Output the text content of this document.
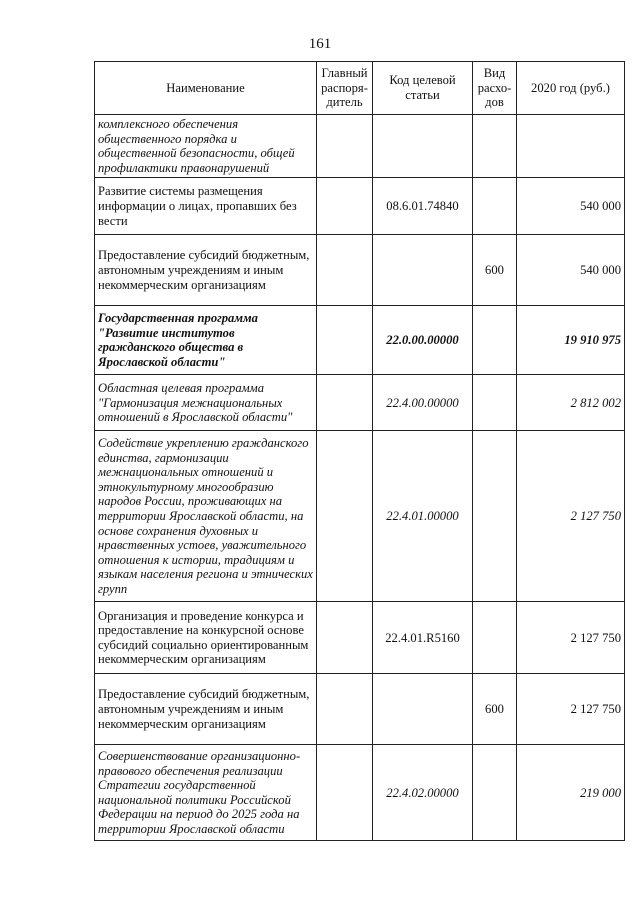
161
Наименование	Главный распоря-дитель	Код целевой статьи	Вид расхо-дов	2020 год (руб.)
комплексного обеспечения общественного порядка и общественной безопасности, общей профилактики правонарушений				
Развитие системы размещения информации о лицах, пропавших без вести		08.6.01.74840		540 000
Предоставление субсидий бюджетным, автономным учреждениям и иным некоммерческим организациям			600	540 000
Государственная программа "Развитие институтов гражданского общества в Ярославской области"		22.0.00.00000		19 910 975
Областная целевая программа "Гармонизация межнациональных отношений в Ярославской области"		22.4.00.00000		2 812 002
Содействие укреплению гражданского единства, гармонизации межнациональных отношений и этнокультурному многообразию народов России, проживающих на территории Ярославской области, на основе сохранения духовных и нравственных устоев, уважительного отношения к истории, традициям и языкам населения региона и этнических групп		22.4.01.00000		2 127 750
Организация и проведение конкурса и предоставление на конкурсной основе субсидий социально ориентированным некоммерческим организациям		22.4.01.R5160		2 127 750
Предоставление субсидий бюджетным, автономным учреждениям и иным некоммерческим организациям			600	2 127 750
Совершенствование организационно-правового обеспечения реализации Стратегии государственной национальной политики Российской Федерации на период до 2025 года на территории Ярославской области		22.4.02.00000		219 000
